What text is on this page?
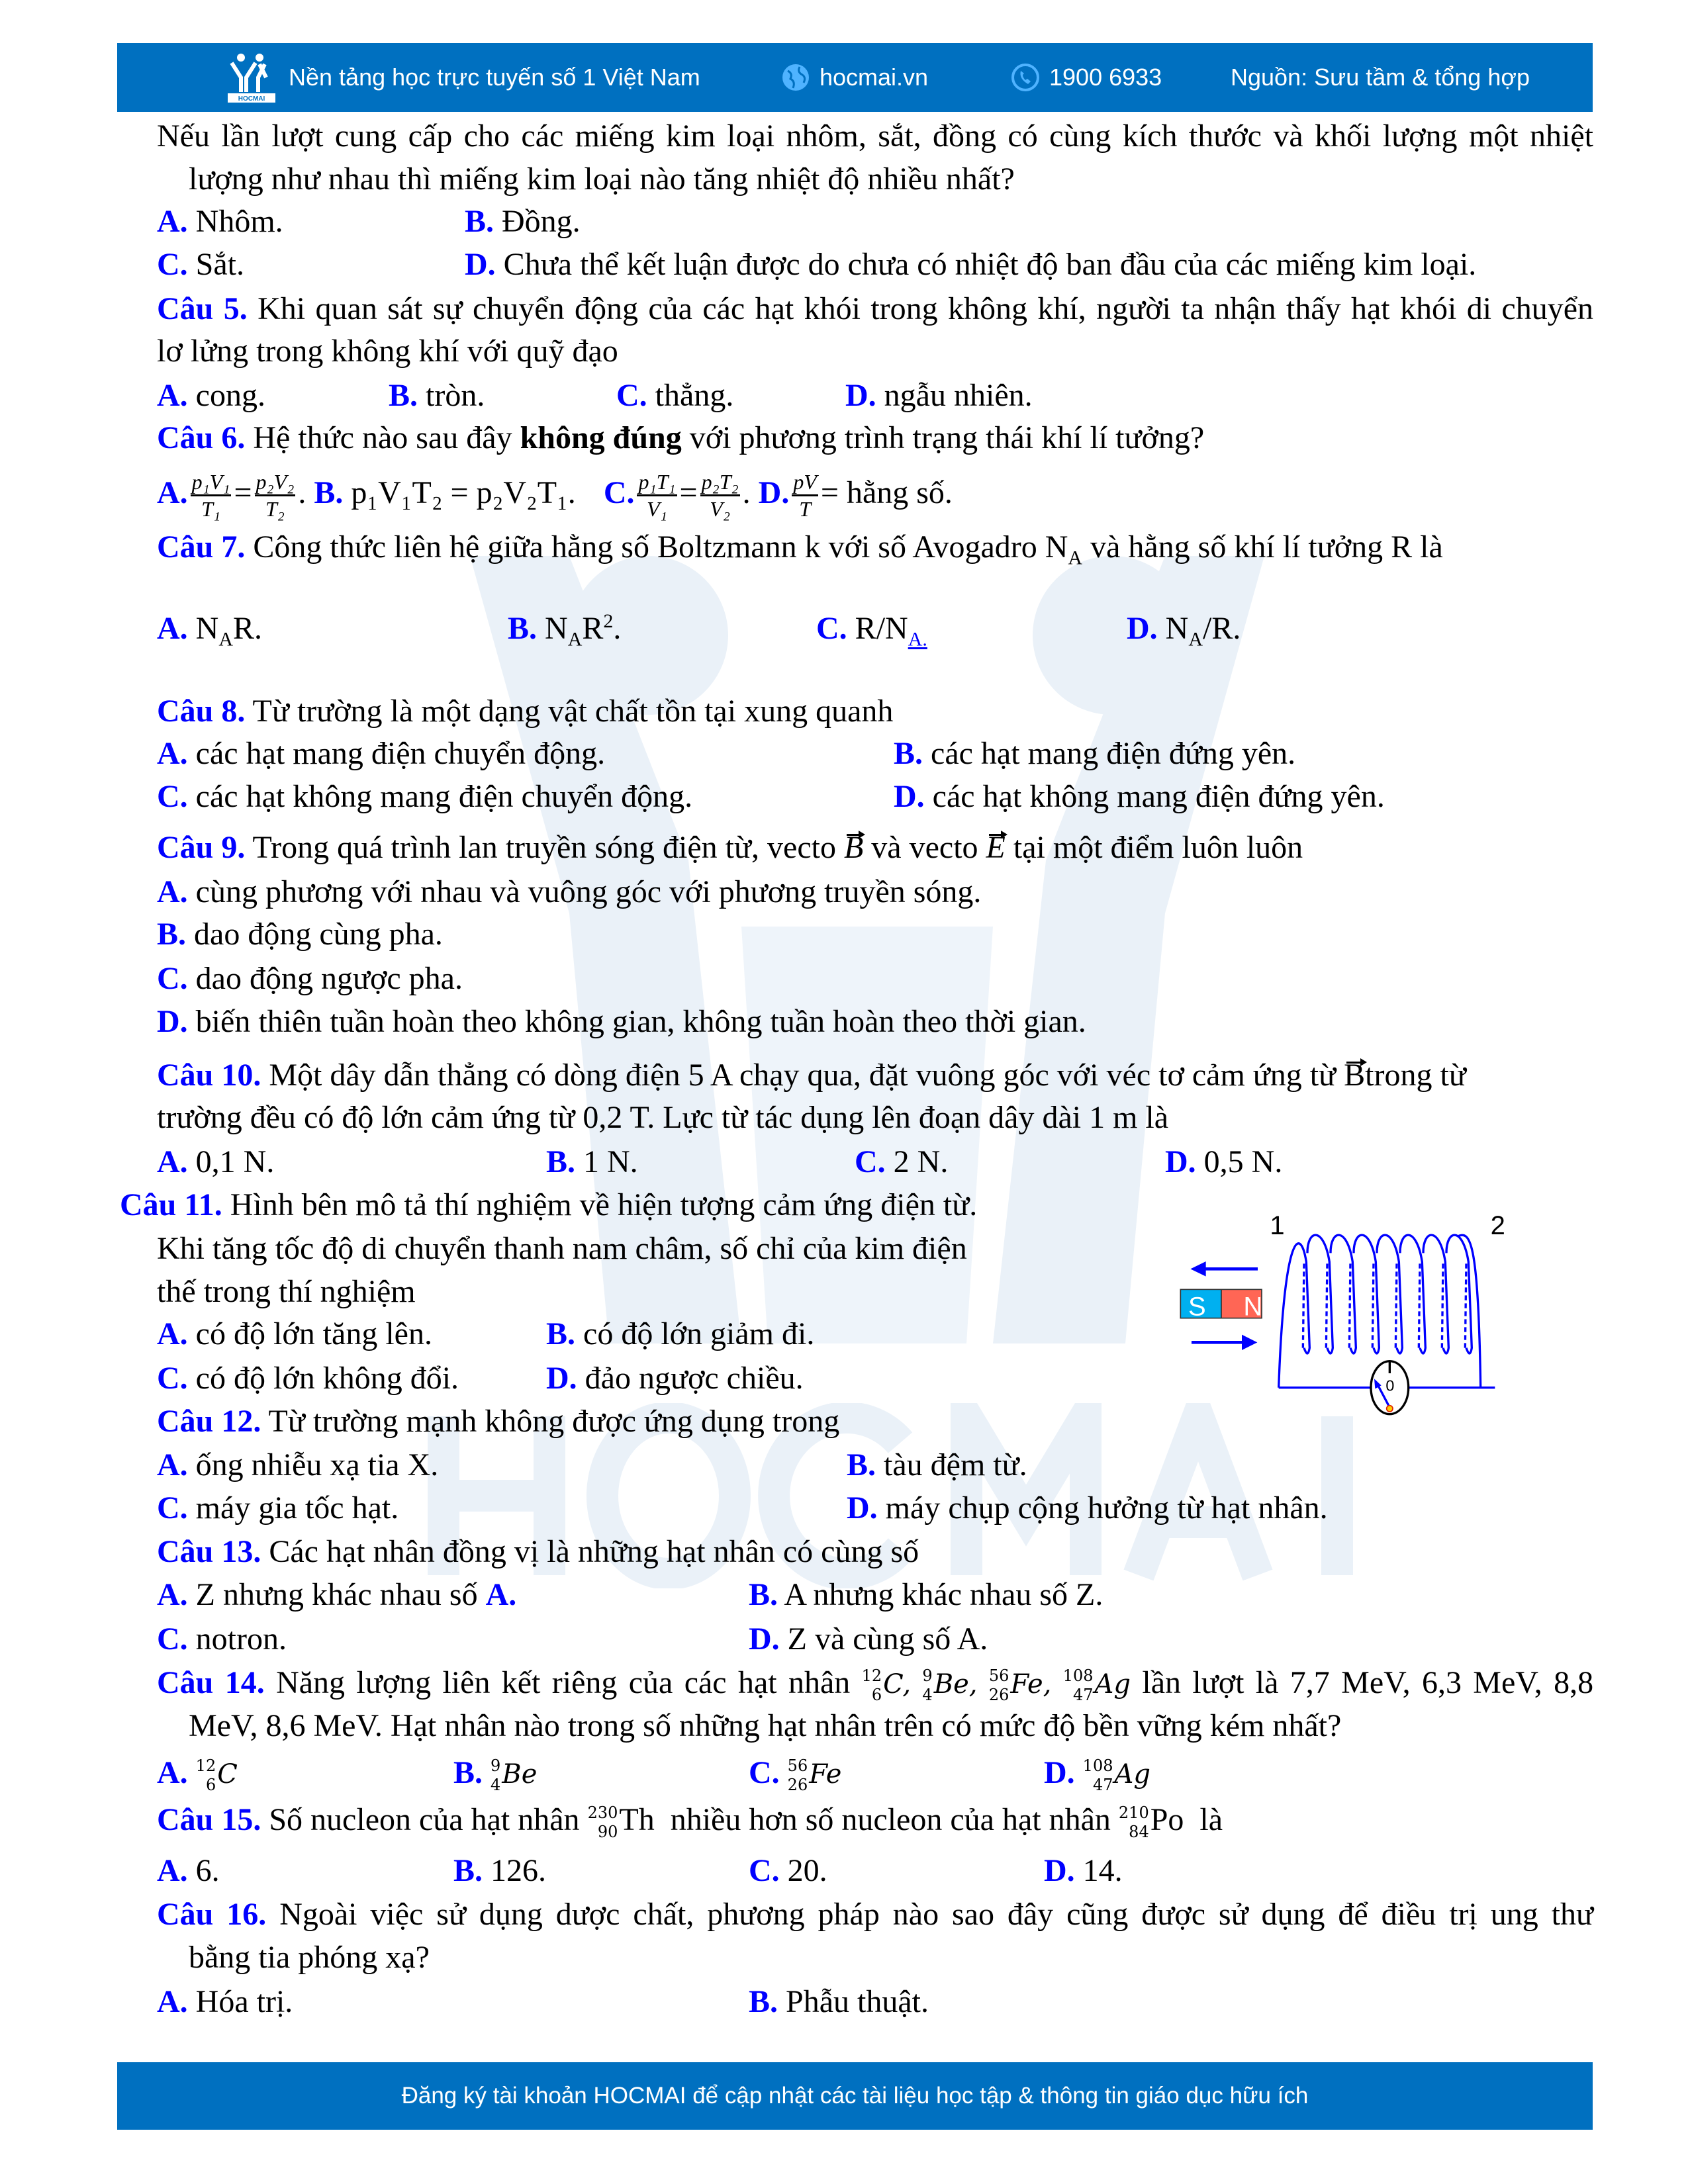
HOCMAI
Nền tảng học trực tuyến số 1 Việt Nam	hocmai.vn	1900 6933	Nguồn: Sưu tầm & tổng hợp
Nếu lần lượt cung cấp cho các miếng kim loại nhôm, sắt, đồng có cùng kích thước và khối lượng một nhiệt
lượng như nhau thì miếng kim loại nào tăng nhiệt độ nhiều nhất?
A. Nhôm.	B. Đồng.
C. Sắt.	D. Chưa thể kết luận được do chưa có nhiệt độ ban đầu của các miếng kim loại.
Câu 5. Khi quan sát sự chuyển động của các hạt khói trong không khí, người ta nhận thấy hạt khói di chuyển
lơ lửng trong không khí với quỹ đạo
A. cong.	B. tròn.	C. thẳng.	D. ngẫu nhiên.
Câu 6. Hệ thức nào sau đây không đúng với phương trình trạng thái khí lí tưởng?
A. $\frac{\text{p₁V₁}}{\text{T₁}} = \frac{\text{p₂V₂}}{\text{T₂}}$ . B. p₁V₁T₂ = p₂V₂T₁. C. $\frac{\text{p₁T₁}}{\text{V₁}} = \frac{\text{p₂T₂}}{\text{V₂}}$ . D. $\frac{pV}{T}$ = hằng số.
Câu 7. Công thức liên hệ giữa hằng số Boltzmann k với số Avogadro $N_A$ và hằng số khí lí tưởng R là
A. $N_AR$.	B. $N_AR^2$.	C. $R/N_{A.}$	D. $N_A/R$.
Câu 8. Từ trường là một dạng vật chất tồn tại xung quanh
A. các hạt mang điện chuyển động.	B. các hạt mang điện đứng yên.
C. các hạt không mang điện chuyển động.	D. các hạt không mang điện đứng yên.
Câu 9. Trong quá trình lan truyền sóng điện từ, vecto B và vecto E tại một điểm luôn luôn
A. cùng phương với nhau và vuông góc với phương truyền sóng.
B. dao động cùng pha.
C. dao động ngược pha.
D. biến thiên tuần hoàn theo không gian, không tuần hoàn theo thời gian.
Câu 10. Một dây dẫn thẳng có dòng điện 5 A chạy qua, đặt vuông góc với véc tơ cảm ứng từ Btrong từ
trường đều có độ lớn cảm ứng từ 0,2 T. Lực từ tác dụng lên đoạn dây dài 1 m là
A. 0,1 N.	B. 1 N.	C. 2 N.	D. 0,5 N.
Câu 11. Hình bên mô tả thí nghiệm về hiện tượng cảm ứng điện từ.
Khi tăng tốc độ di chuyển thanh nam châm, số chỉ của kim điện
thế trong thí nghiệm
A. có độ lớn tăng lên.	B. có độ lớn giảm đi.
C. có độ lớn không đổi.	D. đảo ngược chiều.
1	2
S N
0
Câu 12. Từ trường mạnh không được ứng dụng trong
A. ống nhiễu xạ tia X.	B. tàu đệm từ.
C. máy gia tốc hạt.	D. máy chụp cộng hưởng từ hạt nhân.
Câu 13. Các hạt nhân đồng vị là những hạt nhân có cùng số
A. Z nhưng khác nhau số A.	B. A nhưng khác nhau số Z.
C. notron.	D. Z và cùng số A.
Câu 14. Năng lượng liên kết riêng của các hạt nhân 12
6 C, 9
4 Be, 56
26 Fe, 108
47 Ag lần lượt là 7,7 MeV, 6,3 MeV, 8,8
MeV, 8,6 MeV. Hạt nhân nào trong số những hạt nhân trên có mức độ bền vững kém nhất?
A. 12
6 C	B. 9
4 Be	C. 56
26 Fe	D. 108
47 Ag
Câu 15. Số nucleon của hạt nhân 230
90 Th nhiều hơn số nucleon của hạt nhân 210
84 Po là
A. 6.	B. 126.	C. 20.	D. 14.
Câu 16. Ngoài việc sử dụng dược chất, phương pháp nào sao đây cũng được sử dụng để điều trị ung thư
bằng tia phóng xạ?
A. Hóa trị.	B. Phẫu thuật.
Đăng ký tài khoản HOCMAI để cập nhật các tài liệu học tập & thông tin giáo dục hữu ích
